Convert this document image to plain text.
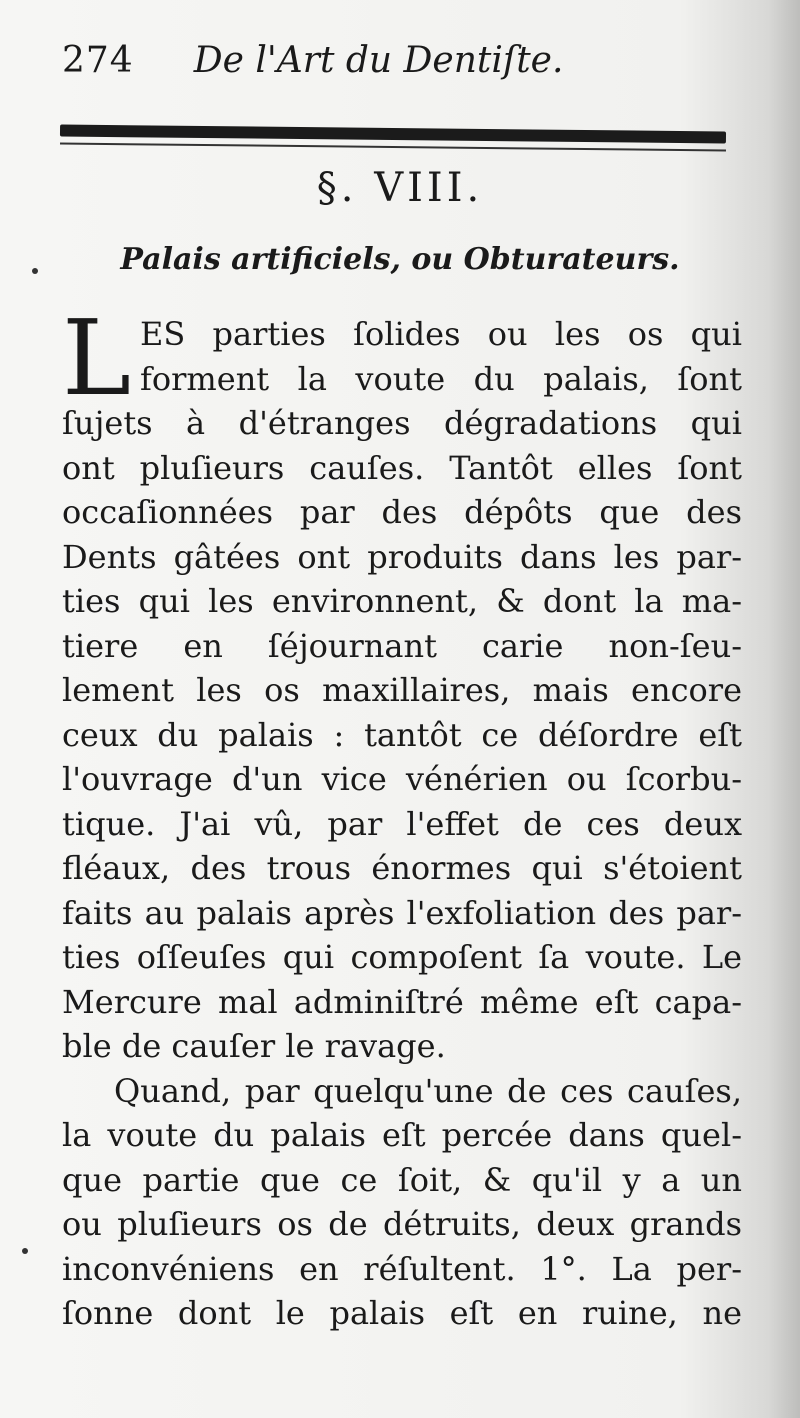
274 De l'Art du Dentiſte.
§. VIII.
Palais artificiels, ou Obturateurs.
L ES parties ſolides ou les os qui
forment la voute du palais, ſont
ſujets à d'étranges dégradations qui
ont pluſieurs cauſes. Tantôt elles ſont
occaſionnées par des dépôts que des
Dents gâtées ont produits dans les par-
ties qui les environnent, & dont la ma-
tiere en ſéjournant carie non-ſeu-
lement les os maxillaires, mais encore
ceux du palais : tantôt ce déſordre eſt
l'ouvrage d'un vice vénérien ou ſcorbu-
tique. J'ai vû, par l'effet de ces deux
fléaux, des trous énormes qui s'étoient
faits au palais après l'exfoliation des par-
ties oſſeuſes qui compoſent ſa voute. Le
Mercure mal adminiſtré même eſt capa-
ble de cauſer le ravage.
Quand, par quelqu'une de ces cauſes,
la voute du palais eſt percée dans quel-
que partie que ce ſoit, & qu'il y a un
ou pluſieurs os de détruits, deux grands
inconvéniens en réſultent. 1°. La per-
ſonne dont le palais eſt en ruine, ne
